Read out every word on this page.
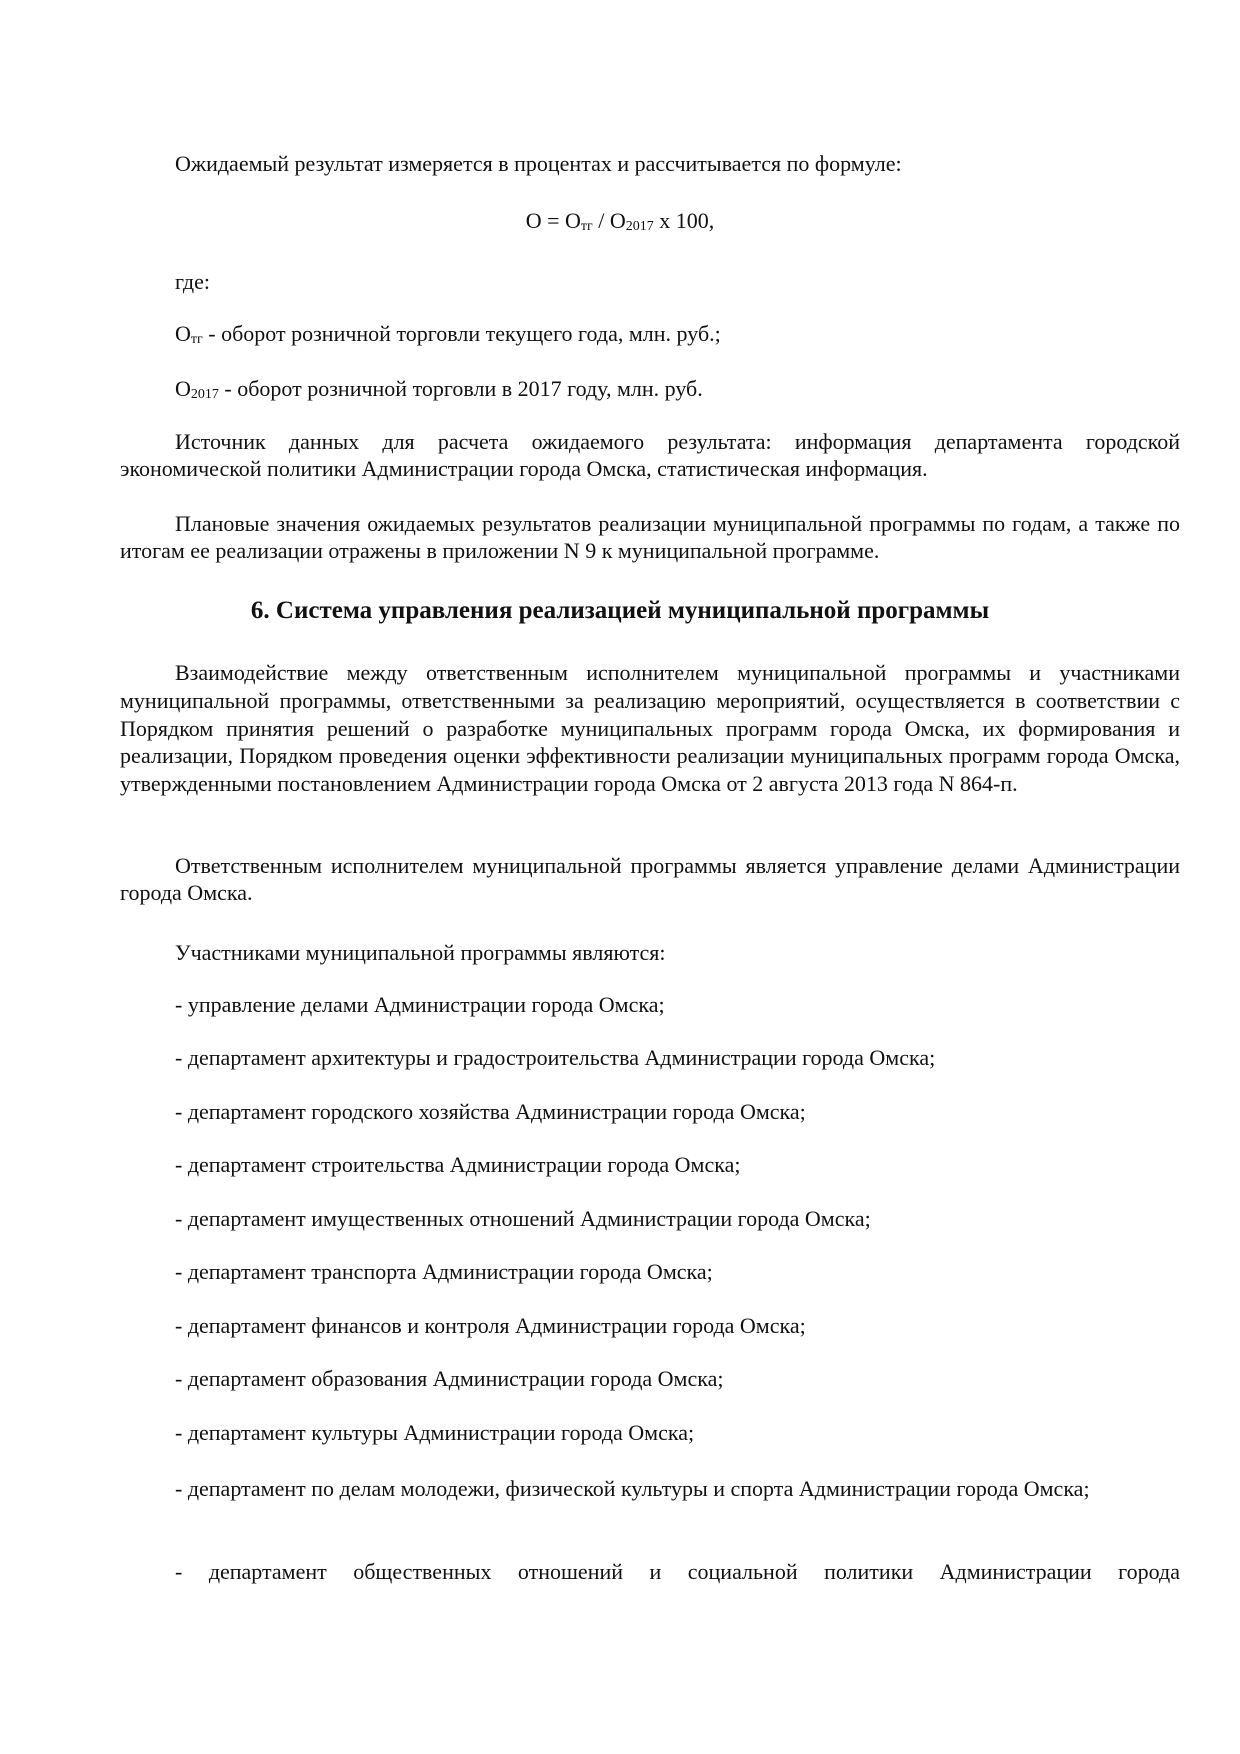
Ожидаемый результат измеряется в процентах и рассчитывается по формуле:

$О = О_{тг} / О_{2017}$ х 100,

где:

$О_{тг}$ - оборот розничной торговли текущего года, млн. руб.;

$О_{2017}$ - оборот розничной торговли в 2017 году, млн. руб.

Источник данных для расчета ожидаемого результата: информация департамента городской экономической политики Администрации города Омска, статистическая информация.

Плановые значения ожидаемых результатов реализации муниципальной программы по годам, а также по итогам ее реализации отражены в приложении N 9 к муниципальной программе.

6. Система управления реализацией муниципальной программы

Взаимодействие между ответственным исполнителем муниципальной программы и участниками муниципальной программы, ответственными за реализацию мероприятий, осуществляется в соответствии с Порядком принятия решений о разработке муниципальных программ города Омска, их формирования и реализации, Порядком проведения оценки эффективности реализации муниципальных программ города Омска, утвержденными постановлением Администрации города Омска от 2 августа 2013 года N 864-п.

Ответственным исполнителем муниципальной программы является управление делами Администрации города Омска.

Участниками муниципальной программы являются:

- управление делами Администрации города Омска;

- департамент архитектуры и градостроительства Администрации города Омска;

- департамент городского хозяйства Администрации города Омска;

- департамент строительства Администрации города Омска;

- департамент имущественных отношений Администрации города Омска;

- департамент транспорта Администрации города Омска;

- департамент финансов и контроля Администрации города Омска;

- департамент образования Администрации города Омска;

- департамент культуры Администрации города Омска;

- департамент по делам молодежи, физической культуры и спорта Администрации города Омска;

- департамент общественных отношений и социальной политики Администрации города
